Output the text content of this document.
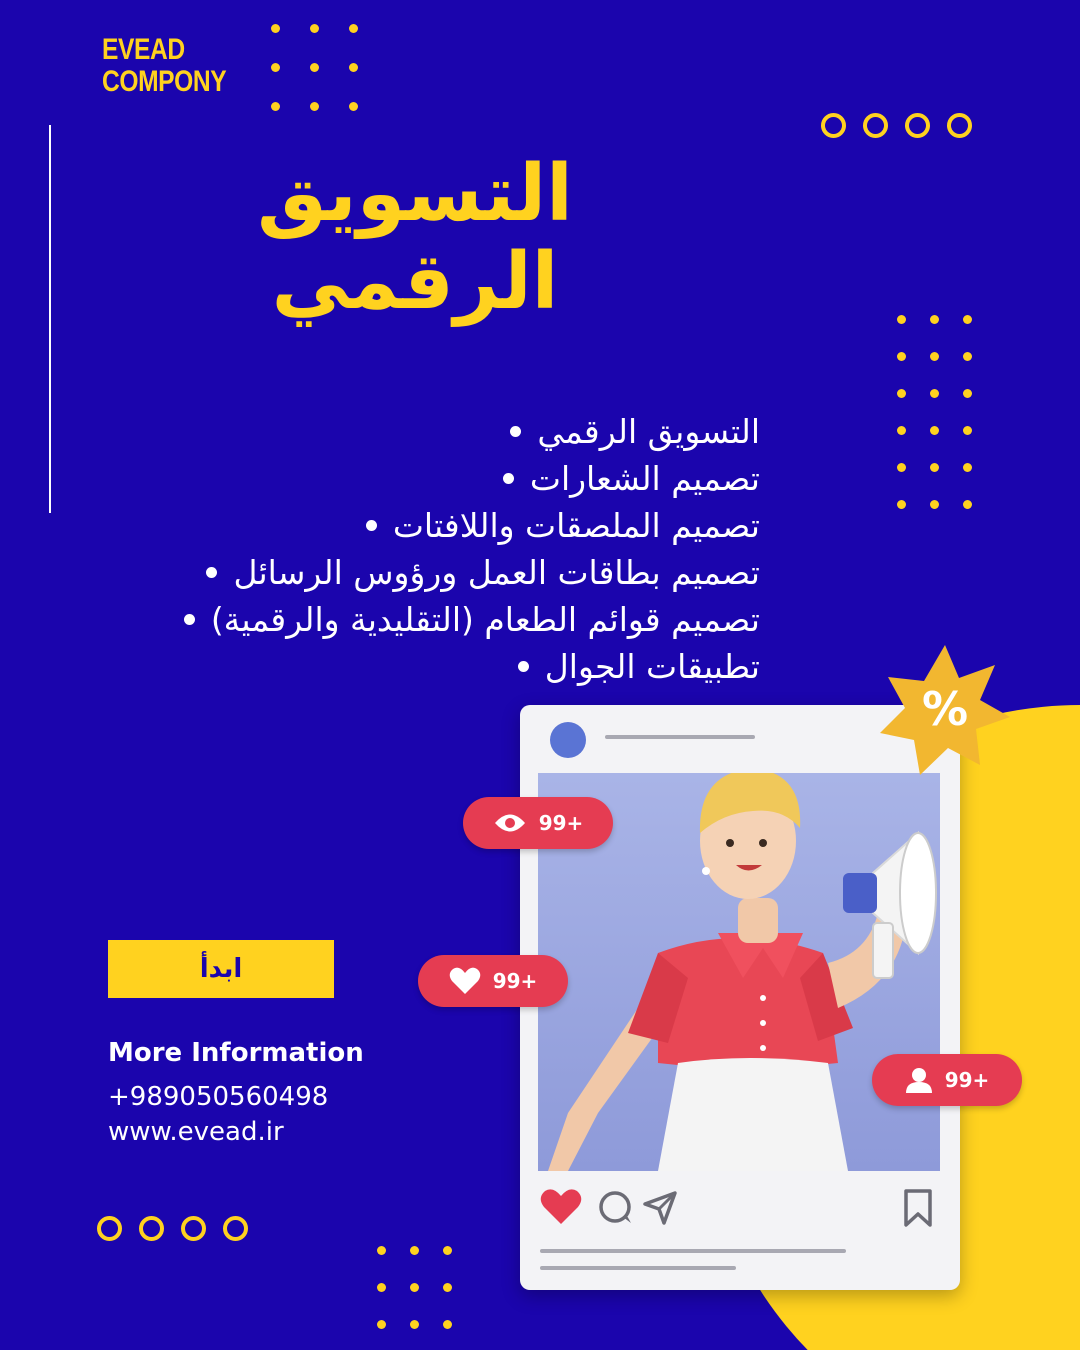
EVEAD
COMPONY
التسويق
الرقمي
التسويق الرقمي
تصميم الشعارات
تصميم الملصقات واللافتات
تصميم بطاقات العمل ورؤوس الرسائل
تصميم قوائم الطعام (التقليدية والرقمية)
تطبيقات الجوال
ابدأ
More Information
+989050560498
www.evead.ir
%
99+
99+
99+
